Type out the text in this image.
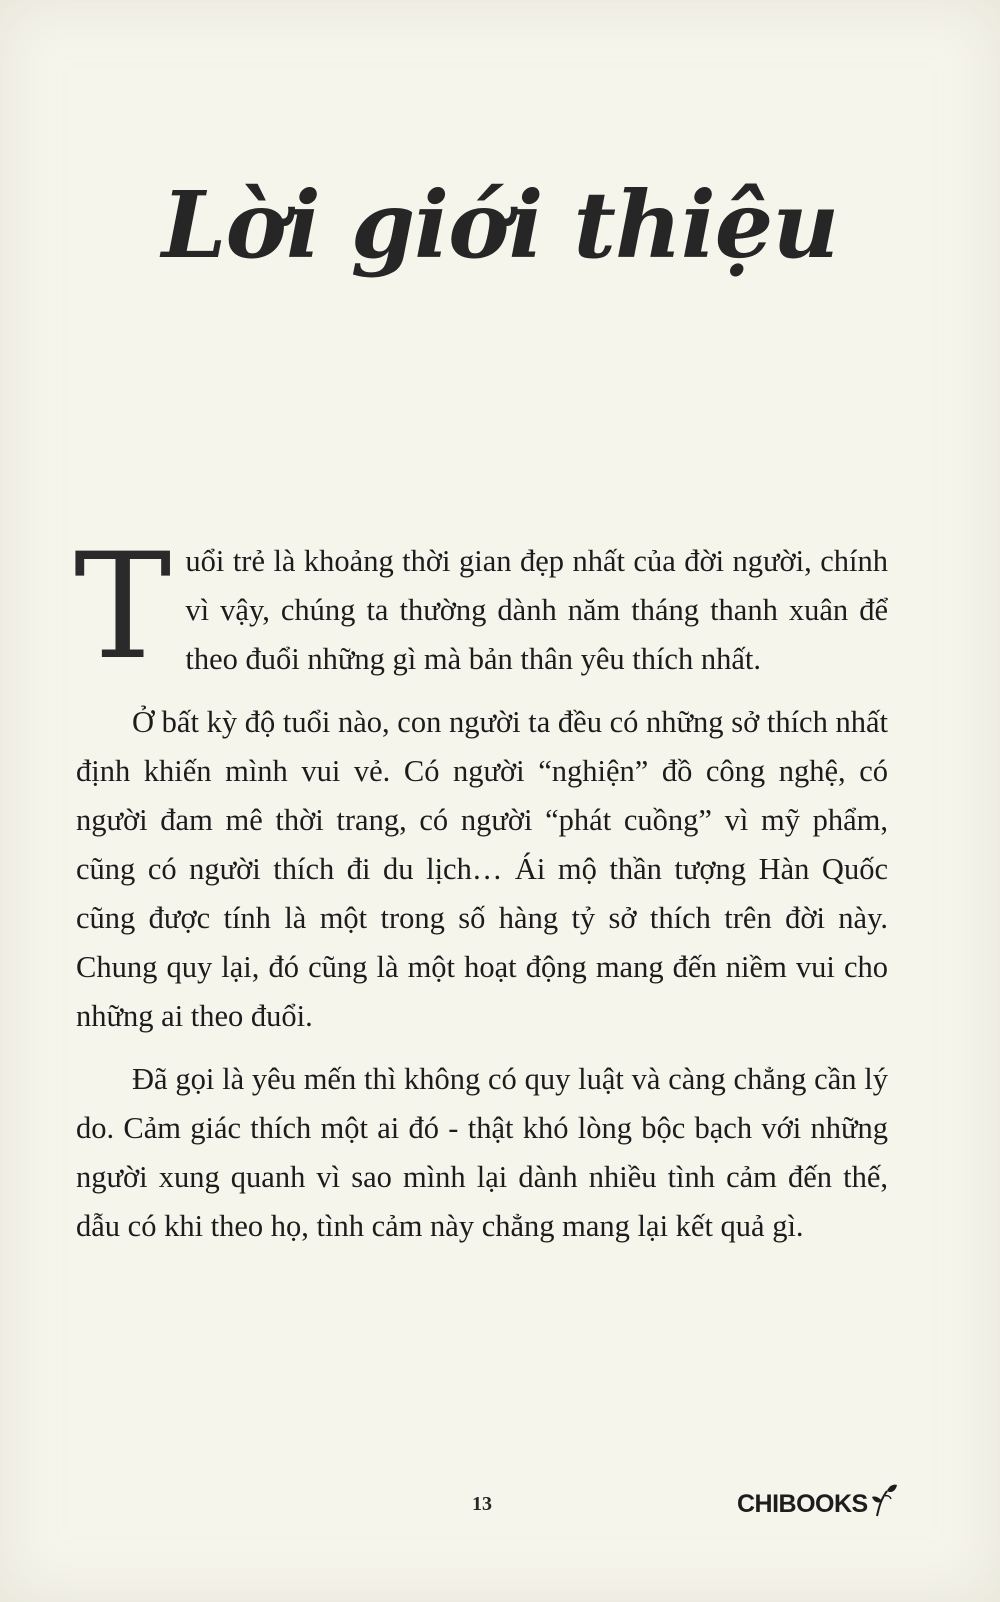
Lời giới thiệu

Tuổi trẻ là khoảng thời gian đẹp nhất của đời người, chính vì vậy, chúng ta thường dành năm tháng thanh xuân để theo đuổi những gì mà bản thân yêu thích nhất.

Ở bất kỳ độ tuổi nào, con người ta đều có những sở thích nhất định khiến mình vui vẻ. Có người “nghiện” đồ công nghệ, có người đam mê thời trang, có người “phát cuồng” vì mỹ phẩm, cũng có người thích đi du lịch… Ái mộ thần tượng Hàn Quốc cũng được tính là một trong số hàng tỷ sở thích trên đời này. Chung quy lại, đó cũng là một hoạt động mang đến niềm vui cho những ai theo đuổi.

Đã gọi là yêu mến thì không có quy luật và càng chẳng cần lý do. Cảm giác thích một ai đó - thật khó lòng bộc bạch với những người xung quanh vì sao mình lại dành nhiều tình cảm đến thế, dẫu có khi theo họ, tình cảm này chẳng mang lại kết quả gì.

13	CHIBOOKS
